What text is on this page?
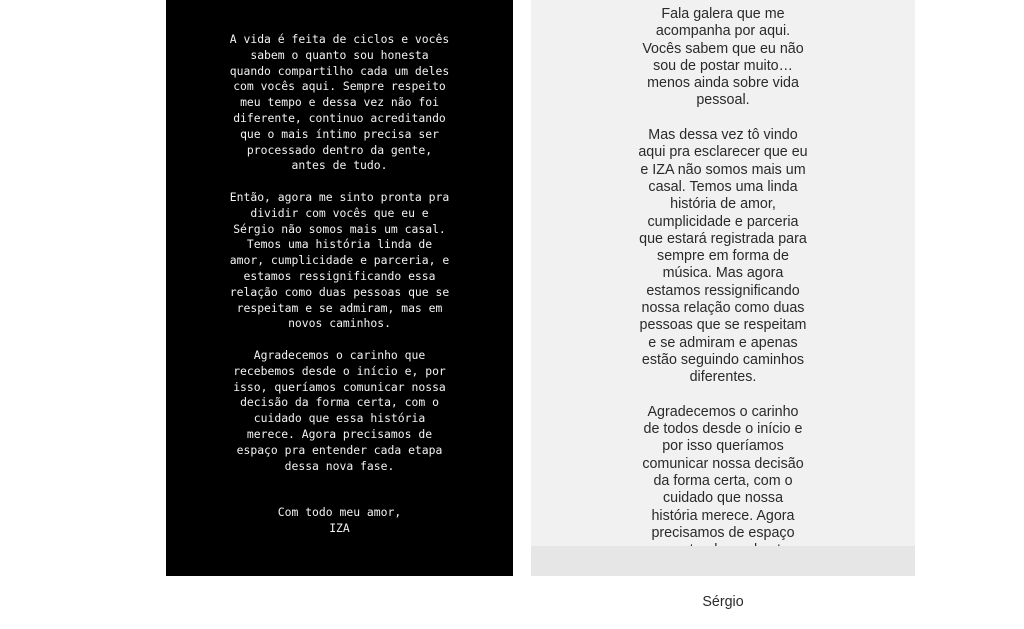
A vida é feita de ciclos e vocês
sabem o quanto sou honesta
quando compartilho cada um deles
com vocês aqui. Sempre respeito
meu tempo e dessa vez não foi
diferente, continuo acreditando
que o mais íntimo precisa ser
processado dentro da gente,
antes de tudo.
Então, agora me sinto pronta pra
dividir com vocês que eu e
Sérgio não somos mais um casal.
Temos uma história linda de
amor, cumplicidade e parceria, e
estamos ressignificando essa
relação como duas pessoas que se
respeitam e se admiram, mas em
novos caminhos.
Agradecemos o carinho que
recebemos desde o início e, por
isso, queríamos comunicar nossa
decisão da forma certa, com o
cuidado que essa história
merece. Agora precisamos de
espaço pra entender cada etapa
dessa nova fase.
Com todo meu amor,
IZA
Fala galera que me
acompanha por aqui.
Vocês sabem que eu não
sou de postar muito…
menos ainda sobre vida
pessoal.
Mas dessa vez tô vindo
aqui pra esclarecer que eu
e IZA não somos mais um
casal. Temos uma linda
história de amor,
cumplicidade e parceria
que estará registrada para
sempre em forma de
música. Mas agora
estamos ressignificando
nossa relação como duas
pessoas que se respeitam
e se admiram e apenas
estão seguindo caminhos
diferentes.
Agradecemos o carinho
de todos desde o início e
por isso queríamos
comunicar nossa decisão
da forma certa, com o
cuidado que nossa
história merece. Agora
precisamos de espaço
Sérgio
